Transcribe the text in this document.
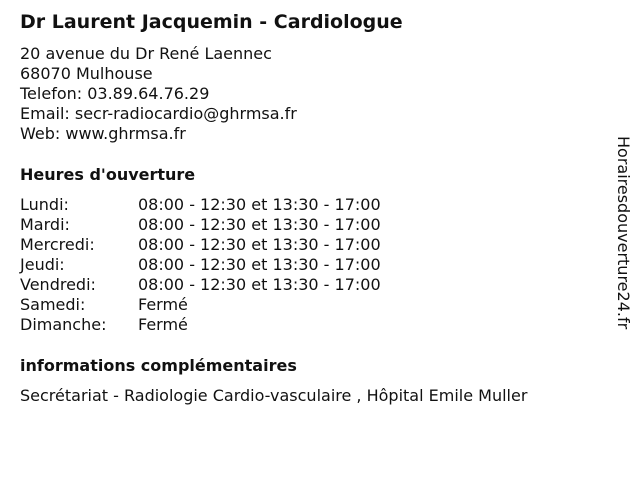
Dr Laurent Jacquemin - Cardiologue
20 avenue du Dr René Laennec
68070 Mulhouse
Telefon: 03.89.64.76.29
Email: secr-radiocardio@ghrmsa.fr
Web: www.ghrmsa.fr
Heures d'ouverture
Lundi:	08:00 - 12:30 et 13:30 - 17:00
Mardi:	08:00 - 12:30 et 13:30 - 17:00
Mercredi:	08:00 - 12:30 et 13:30 - 17:00
Jeudi:	08:00 - 12:30 et 13:30 - 17:00
Vendredi:	08:00 - 12:30 et 13:30 - 17:00
Samedi:	Fermé
Dimanche: Fermé
informations complémentaires
Secrétariat - Radiologie Cardio-vasculaire , Hôpital Emile Muller
Horairesdouverture24.fr
